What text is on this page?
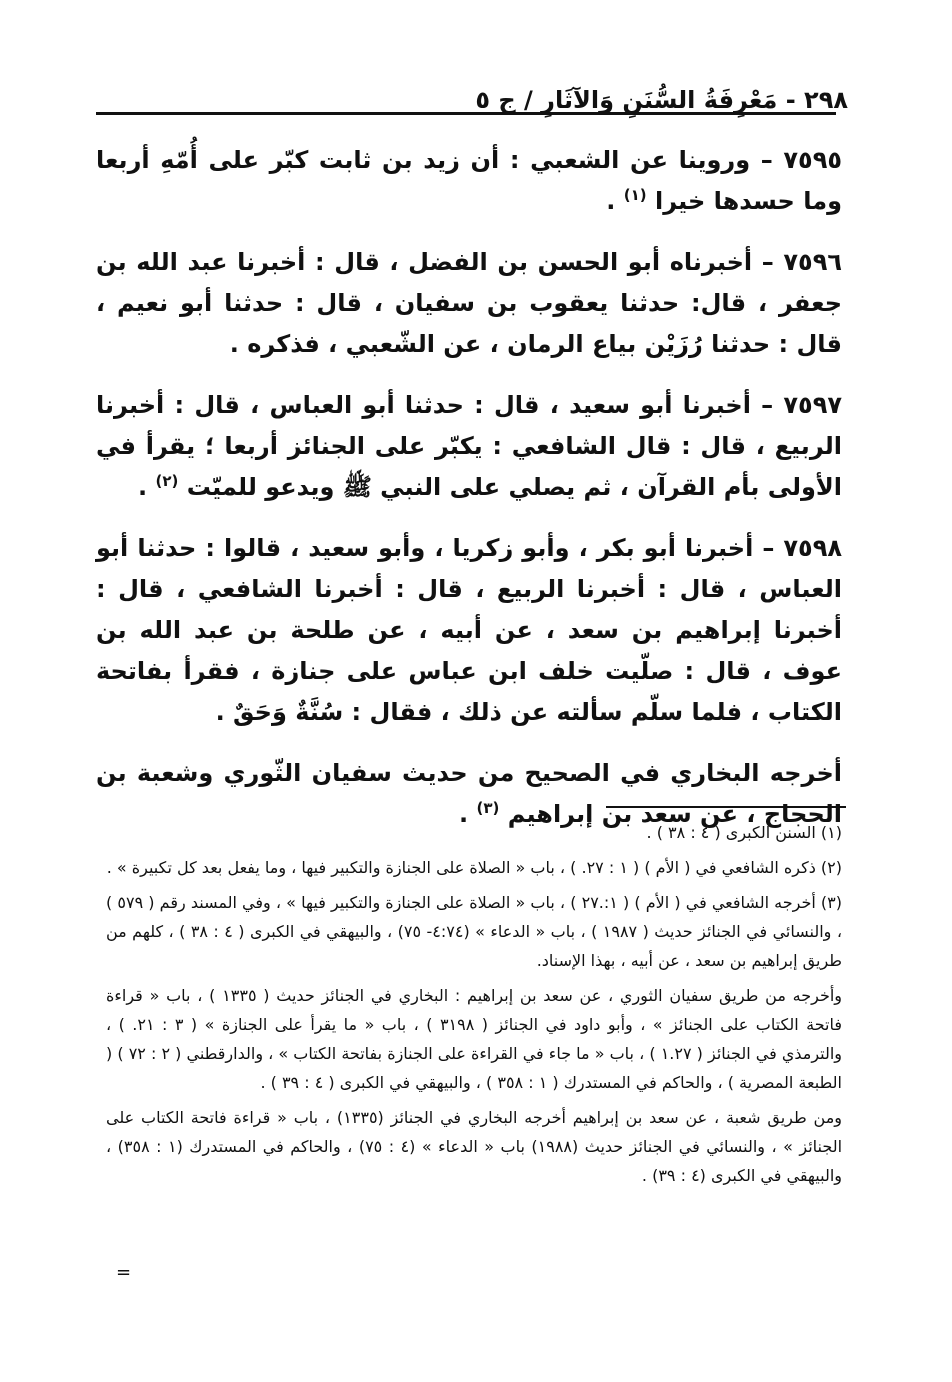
٢٩٨ - مَعْرِفَةُ السُّنَنِ وَالآثَارِ / ج ٥

٧٥٩٥ – وروينا عن الشعبي : أن زيد بن ثابت كبّر على أُمّهِ أربعا وما حسدها خيرا $^{(١)}$ .

٧٥٩٦ – أخبرناه أبو الحسن بن الفضل ، قال : أخبرنا عبد الله بن جعفر ، قال: حدثنا يعقوب بن سفيان ، قال : حدثنا أبو نعيم ، قال : حدثنا رُزَيْن بياع الرمان ، عن الشّعبي ، فذكره .

٧٥٩٧ – أخبرنا أبو سعيد ، قال : حدثنا أبو العباس ، قال : أخبرنا الربيع ، قال : قال الشافعي : يكبّر على الجنائز أربعا ؛ يقرأ في الأولى بأم القرآن ، ثم يصلي على النبي ﷺ ويدعو للميّت $^{(٢)}$ .

٧٥٩٨ – أخبرنا أبو بكر ، وأبو زكريا ، وأبو سعيد ، قالوا : حدثنا أبو العباس ، قال : أخبرنا الربيع ، قال : أخبرنا الشافعي ، قال : أخبرنا إبراهيم بن سعد ، عن أبيه ، عن طلحة بن عبد الله بن عوف ، قال : صلّيت خلف ابن عباس على جنازة ، فقرأ بفاتحة الكتاب ، فلما سلّم سألته عن ذلك ، فقال : سُنَّةٌ وَحَقٌ .

أخرجه البخاري في الصحيح من حديث سفيان الثّوري وشعبة بن الحجاج ، عن سعد بن إبراهيم $^{(٣)}$ .

(١) السنن الكبرى ( ٤ : ٣٨ ) .

(٢) ذكره الشافعي في ( الأم ) ( ١ : ٢٧. ) ، باب « الصلاة على الجنازة والتكبير فيها ، وما يفعل بعد كل تكبيرة » .

(٣) أخرجه الشافعي في ( الأم ) ( ١:.٢٧ ) ، باب « الصلاة على الجنازة والتكبير فيها » ، وفي المسند رقم ( ٥٧٩ ) ، والنسائي في الجنائز حديث ( ١٩٨٧ ) ، باب « الدعاء » (٤:٧٤- ٧٥) ، والبيهقي في الكبرى ( ٤ : ٣٨ ) ، كلهم من طريق إبراهيم بن سعد ، عن أبيه ، بهذا الإسناد.

وأخرجه من طريق سفيان الثوري ، عن سعد بن إبراهيم : البخاري في الجنائز حديث ( ١٣٣٥ ) ، باب « قراءة فاتحة الكتاب على الجنائز » ، وأبو داود في الجنائز ( ٣١٩٨ ) ، باب « ما يقرأ على الجنازة » ( ٣ : ٢١. ) ، والترمذي في الجنائز ( ١.٢٧ ) ، باب « ما جاء في القراءة على الجنازة بفاتحة الكتاب » ، والدارقطني ( ٢ : ٧٢ ) ( الطبعة المصرية ) ، والحاكم في المستدرك ( ١ : ٣٥٨ ) ، والبيهقي في الكبرى ( ٤ : ٣٩ ) .

ومن طريق شعبة ، عن سعد بن إبراهيم أخرجه البخاري في الجنائز (١٣٣٥) ، باب « قراءة فاتحة الكتاب على الجنائز » ، والنسائي في الجنائز حديث (١٩٨٨) باب « الدعاء » (٤ : ٧٥) ، والحاكم في المستدرك (١ : ٣٥٨) ، والبيهقي في الكبرى (٤ : ٣٩) .

=
